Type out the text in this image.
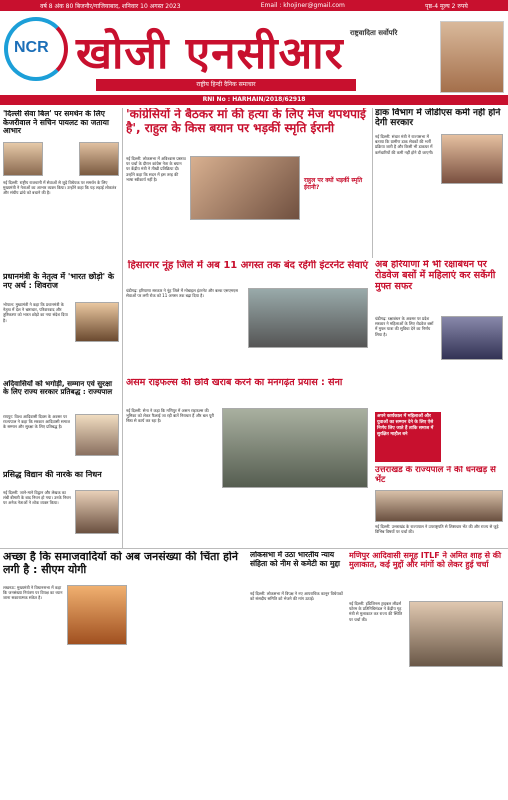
वर्ष 8 अंक 80 बिजनौर/गाजियाबाद, शनिवार 10 अगस्त 2023	Email : khojiner@gmail.com	पृष्ठ-4 मूल्य 2 रुपये
NCR खोजी एनसीआर राष्ट्रवादिता सर्वोपरि
राष्ट्रीय हिन्दी दैनिक समाचार
RNI No : HARHAIN/2018/62918
'दिल्ली सेवा बिल' पर समर्थन के लिए केजरीवाल ने सचिन पायलट का जताया आभार
नई दिल्ली: राष्ट्रीय राजधानी में सेवाओं से जुड़े विधेयक पर समर्थन के लिए मुख्यमंत्री ने नेताओं का आभार व्यक्त किया। उन्होंने कहा कि यह लड़ाई लोकतंत्र और संघीय ढांचे को बचाने की है।
प्रधानमंत्री के नेतृत्व में 'भारत छोड़ो' के नए अर्थ : शिवराज
भोपाल: मुख्यमंत्री ने कहा कि प्रधानमंत्री के नेतृत्व में देश ने भ्रष्टाचार, परिवारवाद और तुष्टिकरण को भारत छोड़ो का नया संदेश दिया है।
अदिवासियों को भगोड़ी, सम्मान एवं सुरक्षा के लिए राज्य सरकार प्रतिबद्ध : राज्यपाल
रायपुर: विश्व आदिवासी दिवस के अवसर पर राज्यपाल ने कहा कि सरकार आदिवासी समाज के सम्मान और सुरक्षा के लिए प्रतिबद्ध है।
प्रसिद्ध विद्यान की नारके का निधन
नई दिल्ली: जाने-माने विद्वान और लेखक का लंबी बीमारी के बाद निधन हो गया। उनके निधन पर अनेक नेताओं ने शोक व्यक्त किया।
'कांग्रेसियों ने बैठकर मां की हत्या के लिए मेज थपथपाई है', राहुल के किस बयान पर भड़कीं स्मृति ईरानी
नई दिल्ली: लोकसभा में अविश्वास प्रस्ताव पर चर्चा के दौरान कांग्रेस नेता के बयान पर केंद्रीय मंत्री ने तीखी प्रतिक्रिया दी। उन्होंने कहा कि सदन में इस तरह की भाषा स्वीकार्य नहीं है।	राहुल पर क्यों भड़कीं स्मृति ईरानी?
डाक विभाग में जीडीएस कमी नहीं होने देगी सरकार
नई दिल्ली: संचार मंत्री ने राज्यसभा में बताया कि ग्रामीण डाक सेवकों की भर्ती प्रक्रिया जारी है और किसी भी डाकघर में कर्मचारियों की कमी नहीं होने दी जाएगी।
हिसारगर नूंह जिले में अब 11 अगस्त तक बंद रहेंगी इंटरनेट सेवाएं
चंडीगढ़: हरियाणा सरकार ने नूंह जिले में मोबाइल इंटरनेट और बल्क एसएमएस सेवाओं पर लगी रोक को 11 अगस्त तक बढ़ा दिया है।
अब हरियाणा में भी रक्षाबंधन पर रोडवेज बसों में महिलाएं कर सकेंगी मुफ्त सफर
चंडीगढ़: रक्षाबंधन के अवसर पर प्रदेश सरकार ने महिलाओं के लिए रोडवेज बसों में मुफ्त यात्रा की सुविधा देने का निर्णय लिया है।
अपने कार्यकाल में महिलाओं और युवाओं का सम्मान देने के लिए ऐसे निर्णय लिए जाते हैं ताकि समाज में सुरक्षित माहौल बने
असम राइफल्स की छवि खराब करने का मनगढ़ंत प्रयास : सेना
नई दिल्ली: सेना ने कहा कि मणिपुर में असम राइफल्स की भूमिका को लेकर फैलाई जा रही बातें निराधार हैं और बल पूरी निष्ठा से कार्य कर रहा है।
उत्तराखंड के राज्यपाल ने की धनखड़ से भेंट
नई दिल्ली: उत्तराखंड के राज्यपाल ने उपराष्ट्रपति से शिष्टाचार भेंट की और राज्य से जुड़े विभिन्न विषयों पर चर्चा की।
अच्छा है कि समाजवादियों को अब जनसंख्या की चिंता होने लगी है : सीएम योगी
लखनऊ: मुख्यमंत्री ने विधानसभा में कहा कि जनसंख्या नियंत्रण पर विपक्ष का ध्यान जाना सकारात्मक संकेत है।
लोकसभा में उठा भारतीय न्याय संहिता को नीम से कमेटी का मुद्दा
नई दिल्ली: लोकसभा में विपक्ष ने नए आपराधिक कानून विधेयकों को संसदीय समिति को भेजने की मांग उठाई।
मणिपुर आदिवासी समूह ITLF ने अमित शाह से की मुलाकात, कई मुद्दों और मांगों को लेकर हुई चर्चा
नई दिल्ली: इंडिजिनस ट्राइबल लीडर्स फोरम के प्रतिनिधिमंडल ने केंद्रीय गृह मंत्री से मुलाकात कर राज्य की स्थिति पर चर्चा की।
